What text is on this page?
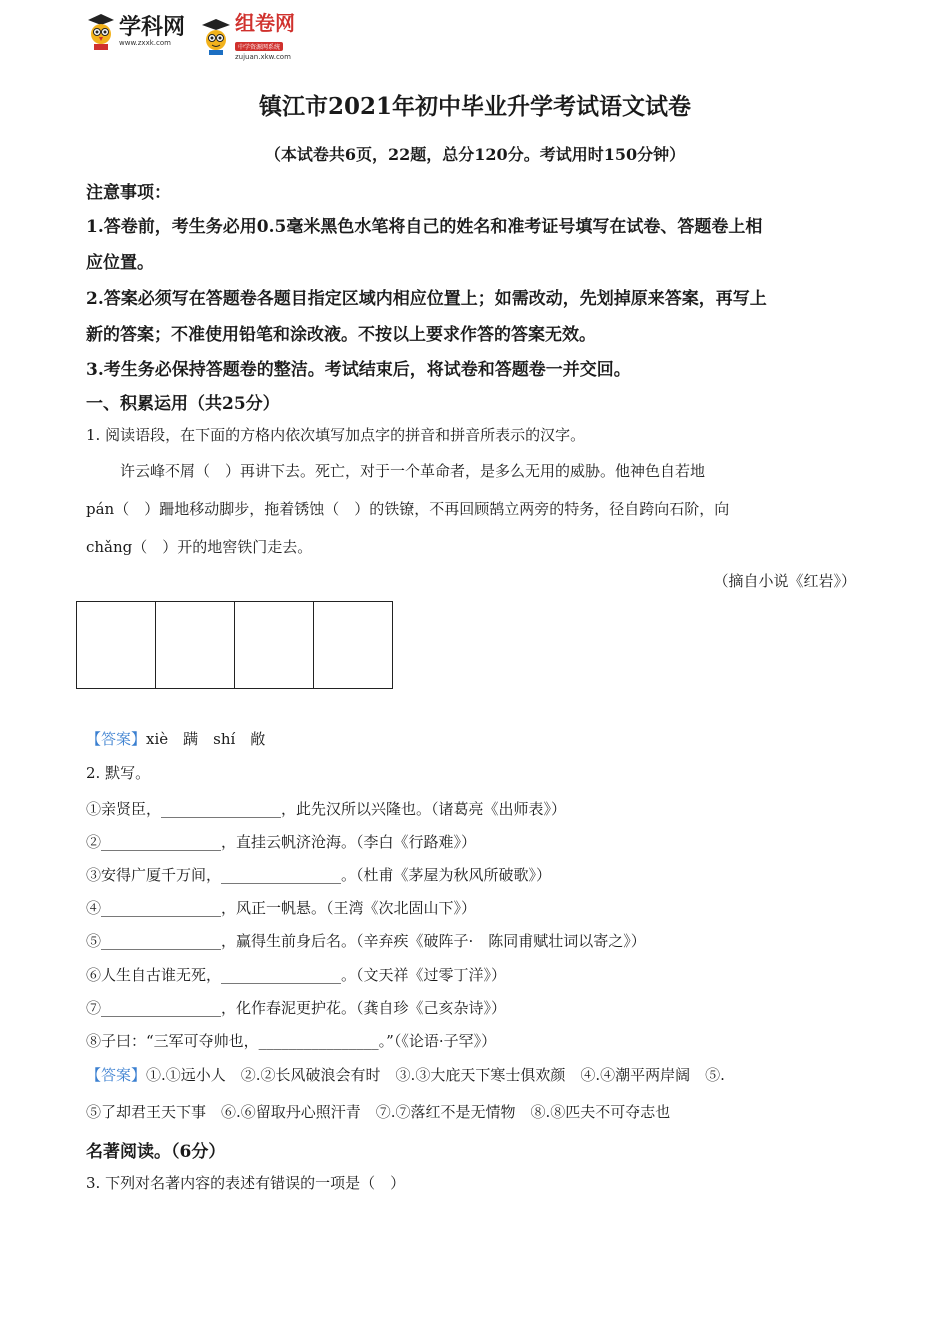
学科网
www.zxxk.com
组卷网
中学资源网系统
zujuan.xkw.com
镇江市2021年初中毕业升学考试语文试卷
（本试卷共6页，22题，总分120分。考试用时150分钟）
注意事项：
1.答卷前，考生务必用0.5毫米黑色水笔将自己的姓名和准考证号填写在试卷、答题卷上相
应位置。
2.答案必须写在答题卷各题目指定区域内相应位置上；如需改动，先划掉原来答案，再写上
新的答案；不准使用铅笔和涂改液。不按以上要求作答的答案无效。
3.考生务必保持答题卷的整洁。考试结束后，将试卷和答题卷一并交回。
一、积累运用（共25分）
1. 阅读语段，在下面的方格内依次填写加点字的拼音和拼音所表示的汉字。
许云峰不屑（　）再讲下去。死亡，对于一个革命者，是多么无用的威胁。他神色自若地
pán（　）跚地移动脚步，拖着锈蚀（　）的铁镣，不再回顾鹄立两旁的特务，径自跨向石阶，向
chǎng（　）开的地窖铁门走去。
（摘自小说《红岩》）
【答案】xiè　蹒　shí　敞
2. 默写。
①亲贤臣，________________，此先汉所以兴隆也。（诸葛亮《出师表》）
②________________，直挂云帆济沧海。（李白《行路难》）
③安得广厦千万间，________________。（杜甫《茅屋为秋风所破歌》）
④________________，风正一帆悬。（王湾《次北固山下》）
⑤________________，赢得生前身后名。（辛弃疾《破阵子·　陈同甫赋壮词以寄之》）
⑥人生自古谁无死，________________。（文天祥《过零丁洋》）
⑦________________，化作春泥更护花。（龚自珍《己亥杂诗》）
⑧子曰：“三军可夺帅也，________________。”（《论语·子罕》）
【答案】①.①远小人　②.②长风破浪会有时　③.③大庇天下寒士俱欢颜　④.④潮平两岸阔　⑤.
⑤了却君王天下事　⑥.⑥留取丹心照汗青　⑦.⑦落红不是无情物　⑧.⑧匹夫不可夺志也
名著阅读。（6分）
3. 下列对名著内容的表述有错误的一项是（　）
